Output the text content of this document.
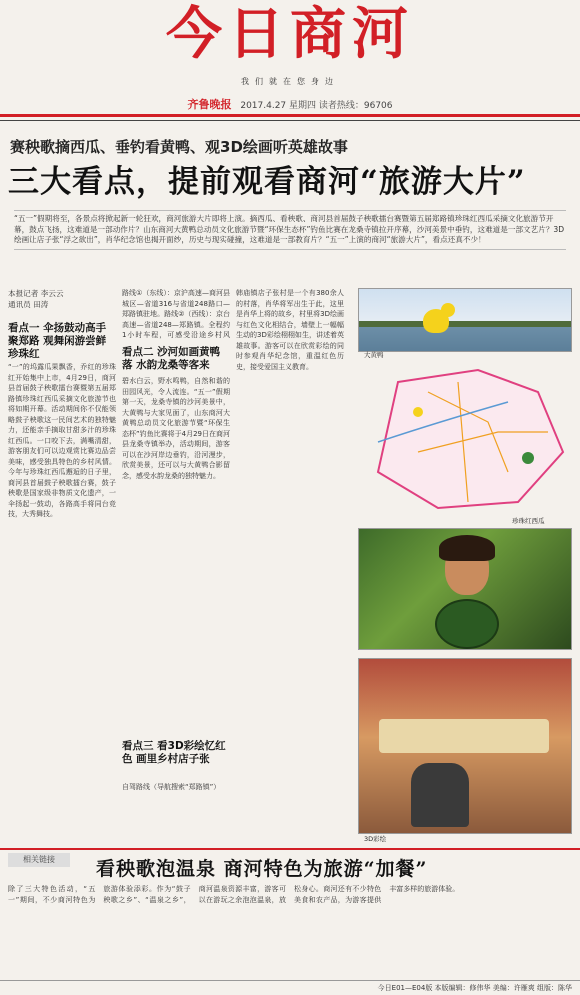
今日商河
我们就在您身边
齐鲁晚报 2017.4.27 星期四 读者热线：96706
赛秧歌摘西瓜、垂钓看黄鸭、观3D绘画听英雄故事
三大看点，提前观看商河“旅游大片”
“五一”假期将至，各景点将掀起新一轮狂欢，商河旅游大片即将上演。摘西瓜、看秧歌、商河县首届鼓子秧歌擂台赛暨第五届郑路镇珍珠红西瓜采摘文化旅游节开幕，鼓点飞扬，这难道是一部动作片？山东商河大黄鸭总动员文化旅游节暨“环保生态杯”钓鱼比赛在龙桑寺镇拉开序幕，沙河美景中垂钓，这难道是一部文艺片？3D绘画让店子张“浮之欲出”，肖华纪念馆也揭开面纱，历史与现实碰撞，这难道是一部教育片？“五一”上演的商河“旅游大片”，看点还真不少！
本报记者 李云云
通讯员 田涛
看点一 伞扬鼓动高手聚郑路 观舞闲游尝鲜珍珠红
“一”的坞露瓜果飘香，乔红的珍珠红开始集中上市，4月29日，商河县首届鼓子秧歌擂台赛暨第五届郑路镇珍珠红西瓜采摘文化旅游节也将如期开幕。活动期间你不仅能领略鼓子秧歌这一民间艺术的独特魅力，还能亲手摘取甘甜多汁的珍珠红西瓜。一口咬下去，满嘴清甜，游客朋友们可以边观赏比赛边品尝美味，感受独具特色的乡村风情。今年与珍珠红西瓜邂逅的日子里，商河县首届鼓子秧歌擂台赛，鼓子秧歌是国家级非物质文化遗产，一伞扬起一鼓动，各路高手将同台竞技，大秀舞技。
路线①（东线）：京沪高速—商河县城区—省道316与省道248路口—郑路镇驻地。路线②（西线）：京台高速—省道248—郑路镇。全程约1小时车程，可感受沿途乡村风
看点二 沙河如画黄鸭落 水韵龙桑等客来
碧水白云，野水鸣鸭，自然和谐的田园风光，令人流连。“五一”假期第一天，龙桑寺镇的沙河美景中，大黄鸭与大家见面了，山东商河大黄鸭总动员文化旅游节暨“环保生态杯”钓鱼比赛将于4月29日在商河县龙桑寺镇举办，活动期间，游客可以在沙河岸边垂钓，沿河漫步，欣赏美景，还可以与大黄鸭合影留念，感受水韵龙桑的独特魅力。
看点三 看3D彩绘忆红色 画里乡村店子张
自驾路线（导航搜索“郑路镇”）
韩庙镇店子张村是一个有380余人的村落，肖华将军出生于此，这里是肖华上将的故乡，村里将3D绘画与红色文化相结合，墙壁上一幅幅生动的3D彩绘栩栩如生，讲述着英雄故事。游客可以在欣赏彩绘的同时参观肖华纪念馆，重温红色历史，接受爱国主义教育。
大黄鸭
珍珠红西瓜
3D彩绘
相关链接	看秧歌泡温泉 商河特色为旅游“加餐”
除了三大特色活动，“五一”期间，不少商河特色为旅游体验添彩。作为“鼓子秧歌之乡”、“温泉之乡”，商河温泉资源丰富，游客可以在游玩之余泡泡温泉，放松身心。商河还有不少特色美食和农产品，为游客提供丰富多样的旅游体验。
今日E01—E04版 本版编辑：修伟华 美编：许雁爽 组版：陈华
